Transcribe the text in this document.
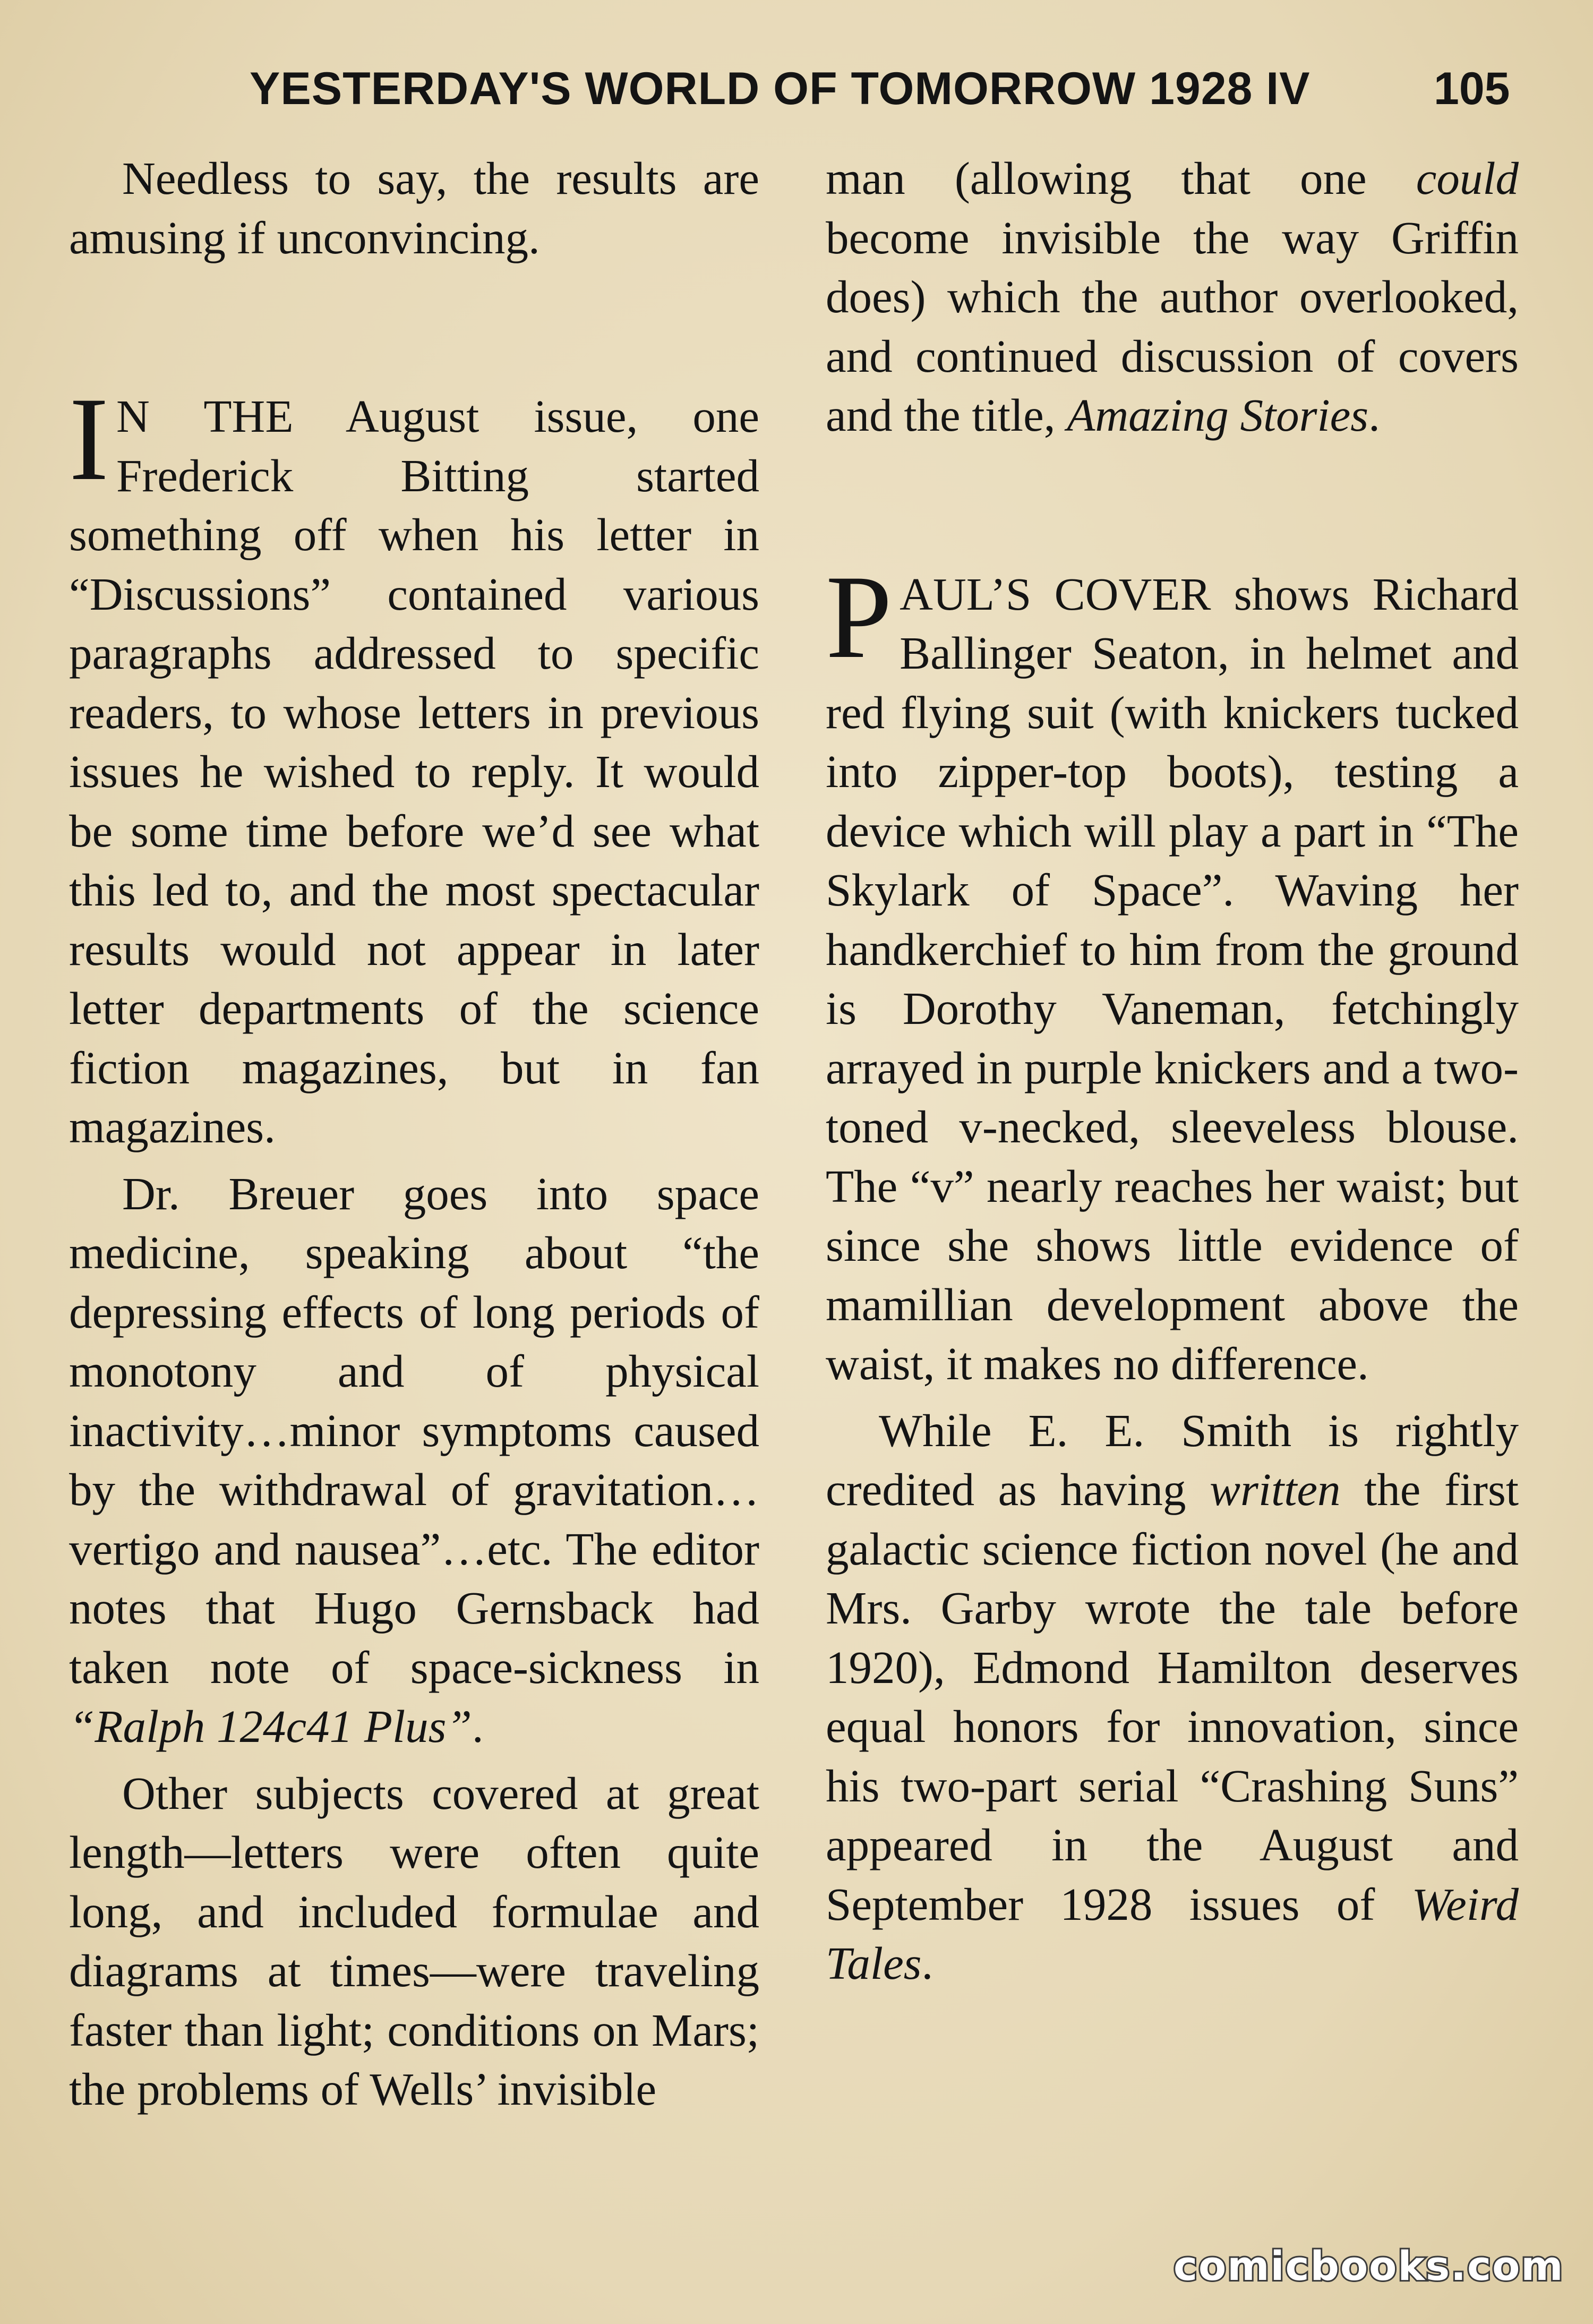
YESTERDAY'S WORLD OF TOMORROW 1928 IV	105

Needless to say, the results are amusing if unconvincing.

I N THE August issue, one Frederick Bitting started something off when his letter in “Discussions” contained various paragraphs addressed to specific readers, to whose letters in previous issues he wished to reply. It would be some time before we’d see what this led to, and the most spectacular results would not appear in later letter departments of the science fiction magazines, but in fan magazines.

Dr. Breuer goes into space medicine, speaking about “the depressing effects of long periods of monotony and of physical inactivity…minor symptoms caused by the withdrawal of gravitation…vertigo and nausea”…etc. The editor notes that Hugo Gernsback had taken note of space-sickness in “Ralph 124c41 Plus”.

Other subjects covered at great length—letters were often quite long, and included formulae and diagrams at times—were traveling faster than light; conditions on Mars; the problems of Wells’ invisible

man (allowing that one could become invisible the way Griffin does) which the author overlooked, and continued discussion of covers and the title, Amazing Stories.

PAUL’S COVER shows Richard Ballinger Seaton, in helmet and red flying suit (with knickers tucked into zipper-top boots), testing a device which will play a part in “The Skylark of Space”. Waving her handkerchief to him from the ground is Dorothy Vaneman, fetchingly arrayed in purple knickers and a two-toned v-necked, sleeveless blouse. The “v” nearly reaches her waist; but since she shows little evidence of mamillian development above the waist, it makes no difference.

While E. E. Smith is rightly credited as having written the first galactic science fiction novel (he and Mrs. Garby wrote the tale before 1920), Edmond Hamilton deserves equal honors for innovation, since his two-part serial “Crashing Suns” appeared in the August and September 1928 issues of Weird Tales.

comicbooks.com
